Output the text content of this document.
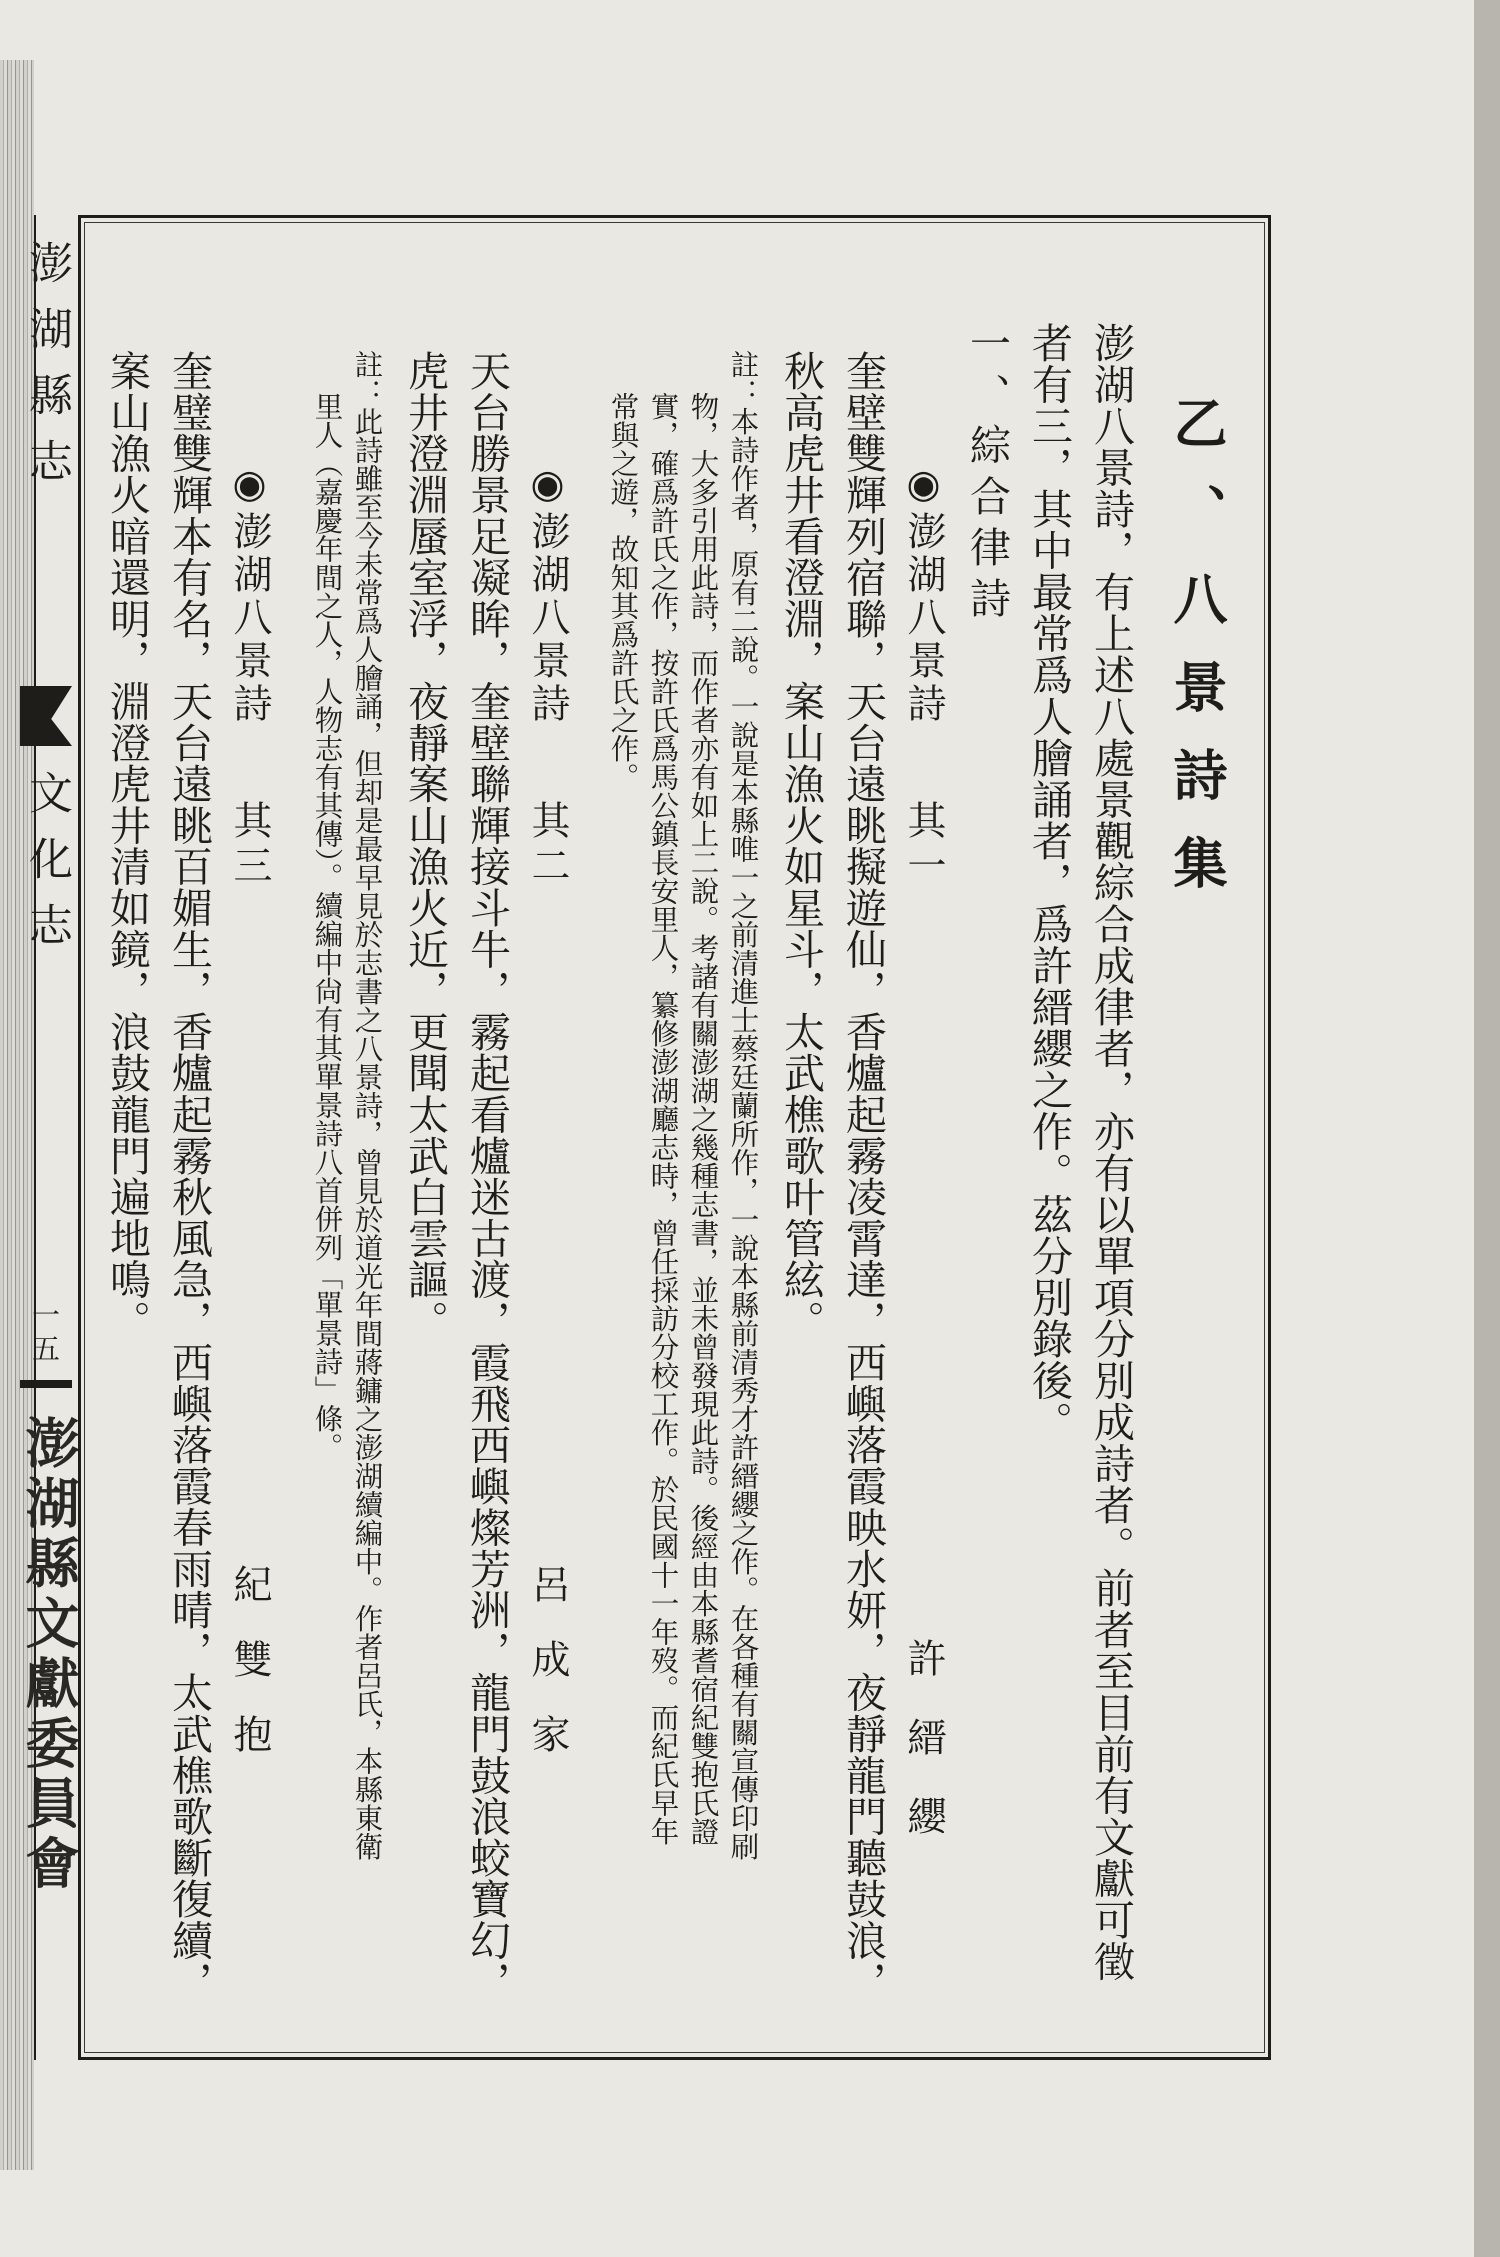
澎湖縣志
文化志
一五
澎湖縣文獻委員會
乙、八景詩集
澎湖八景詩，有上述八處景觀綜合成律者，亦有以單項分別成詩者。前者至目前有文獻可徵
者有三，其中最常爲人膾誦者，爲許縉纓之作。茲分別錄後。
一、綜合律詩
◉澎湖八景詩
其一
許縉纓
奎壁雙輝列宿聯，天台遠眺擬遊仙，香爐起霧凌霄達，西嶼落霞映水妍，夜靜龍門聽鼓浪，
秋高虎井看澄淵，案山漁火如星斗，太武樵歌叶管絃。
註：本詩作者，原有二說。一說是本縣唯一之前清進士蔡廷蘭所作，一說本縣前清秀才許縉纓之作。在各種有關宣傳印刷
物，大多引用此詩，而作者亦有如上二說。考諸有關澎湖之幾種志書，並未曾發現此詩。後經由本縣耆宿紀雙抱氏證
實，確爲許氏之作，按許氏爲馬公鎮長安里人，纂修澎湖廳志時，曾任採訪分校工作。於民國十一年歿。而紀氏早年
常與之遊，故知其爲許氏之作。
◉澎湖八景詩
其二
呂成家
天台勝景足凝眸，奎壁聯輝接斗牛，霧起看爐迷古渡，霞飛西嶼燦芳洲，龍門鼓浪蛟寶幻，
虎井澄淵蜃室浮，夜靜案山漁火近，更聞太武白雲謳。
註：此詩雖至今未常爲人膾誦，但却是最早見於志書之八景詩，曾見於道光年間蔣鏞之澎湖續編中。作者呂氏，本縣東衛
里人（嘉慶年間之人，人物志有其傳）。續編中尙有其單景詩八首併列「單景詩」條。
◉澎湖八景詩
其三
紀雙抱
奎璧雙輝本有名，天台遠眺百媚生，香爐起霧秋風急，西嶼落霞春雨晴，太武樵歌斷復續，
案山漁火暗還明，淵澄虎井清如鏡，浪鼓龍門遍地鳴。
